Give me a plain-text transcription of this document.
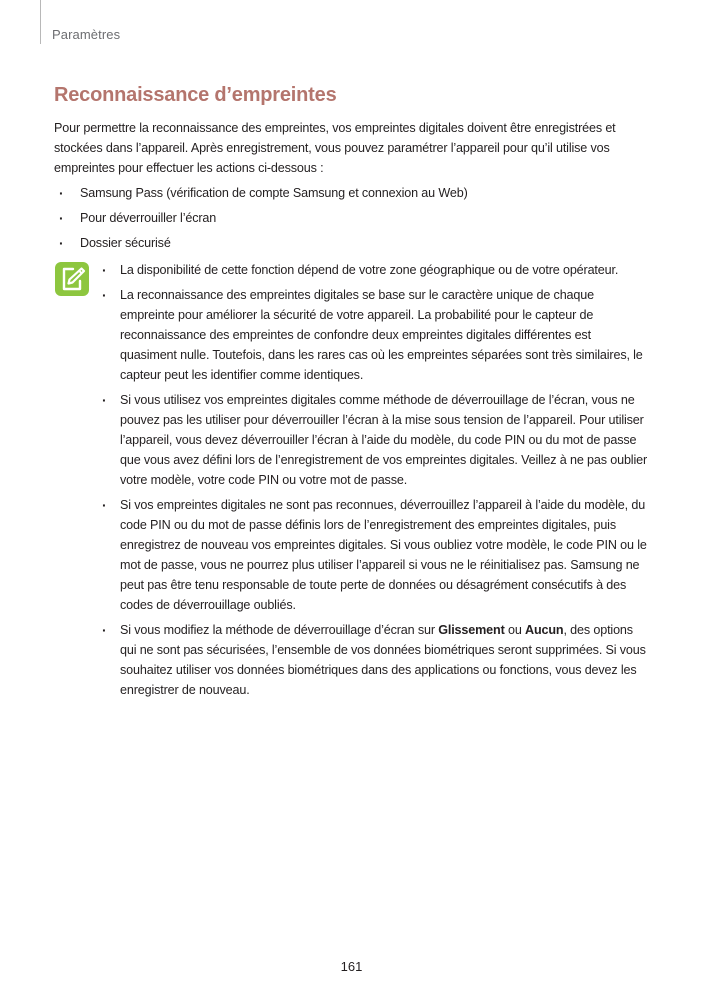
Paramètres
Reconnaissance d’empreintes

Pour permettre la reconnaissance des empreintes, vos empreintes digitales doivent être enregistrées et stockées dans l’appareil. Après enregistrement, vous pouvez paramétrer l’appareil pour qu’il utilise vos empreintes pour effectuer les actions ci-dessous :

· Samsung Pass (vérification de compte Samsung et connexion au Web)
· Pour déverrouiller l’écran
· Dossier sécurisé
· La disponibilité de cette fonction dépend de votre zone géographique ou de votre opérateur.
· La reconnaissance des empreintes digitales se base sur le caractère unique de chaque empreinte pour améliorer la sécurité de votre appareil. La probabilité pour le capteur de reconnaissance des empreintes de confondre deux empreintes digitales différentes est quasiment nulle. Toutefois, dans les rares cas où les empreintes séparées sont très similaires, le capteur peut les identifier comme identiques.
· Si vous utilisez vos empreintes digitales comme méthode de déverrouillage de l’écran, vous ne pouvez pas les utiliser pour déverrouiller l’écran à la mise sous tension de l’appareil. Pour utiliser l’appareil, vous devez déverrouiller l’écran à l’aide du modèle, du code PIN ou du mot de passe que vous avez défini lors de l’enregistrement de vos empreintes digitales. Veillez à ne pas oublier votre modèle, votre code PIN ou votre mot de passe.
· Si vos empreintes digitales ne sont pas reconnues, déverrouillez l’appareil à l’aide du modèle, du code PIN ou du mot de passe définis lors de l’enregistrement des empreintes digitales, puis enregistrez de nouveau vos empreintes digitales. Si vous oubliez votre modèle, le code PIN ou le mot de passe, vous ne pourrez plus utiliser l’appareil si vous ne le réinitialisez pas. Samsung ne peut pas être tenu responsable de toute perte de données ou désagrément consécutifs à des codes de déverrouillage oubliés.
· Si vous modifiez la méthode de déverrouillage d’écran sur Glissement ou Aucun, des options qui ne sont pas sécurisées, l’ensemble de vos données biométriques seront supprimées. Si vous souhaitez utiliser vos données biométriques dans des applications ou fonctions, vous devez les enregistrer de nouveau.
161
